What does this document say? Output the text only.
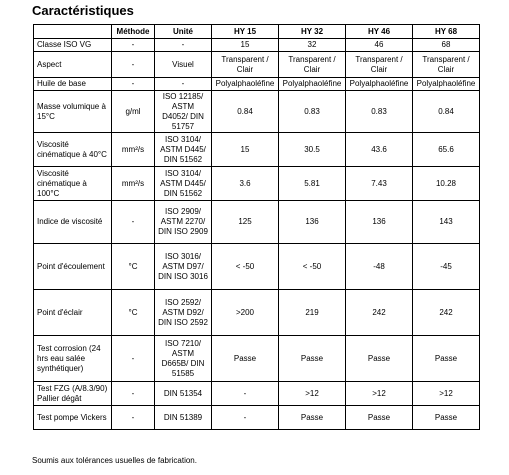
Caractéristiques
	Méthode	Unité	HY 15	HY 32	HY 46	HY 68
Classe ISO VG	-	-	15	32	46	68
Aspect	-	Visuel	Transparent / Clair	Transparent / Clair	Transparent / Clair	Transparent / Clair
Huile de base	-	-	Polyalphaoléfine	Polyalphaoléfine	Polyalphaoléfine	Polyalphaoléfine
Masse volumique à 15°C	g/ml	ISO 12185/ ASTM D4052/ DIN 51757	0.84	0.83	0.83	0.84
Viscosité cinématique à 40°C	mm²/s	ISO 3104/ ASTM D445/ DIN 51562	15	30.5	43.6	65.6
Viscosité cinématique à 100°C	mm²/s	ISO 3104/ ASTM D445/ DIN 51562	3.6	5.81	7.43	10.28
Indice de viscosité	-	ISO 2909/ ASTM 2270/ DIN ISO 2909	125	136	136	143
Point d'écoulement	°C	ISO 3016/ ASTM D97/ DIN ISO 3016	< -50	< -50	-48	-45
Point d'éclair	°C	ISO 2592/ ASTM D92/ DIN ISO 2592	>200	219	242	242
Test corrosion (24 hrs eau salée synthétiquer)	-	ISO 7210/ ASTM D665B/ DIN 51585	Passe	Passe	Passe	Passe
Test FZG (A/8.3/90) Pallier dégât	-	DIN 51354	-	>12	>12	>12
Test pompe Vickers	-	DIN 51389	-	Passe	Passe	Passe
Soumis aux tolérances usuelles de fabrication.
